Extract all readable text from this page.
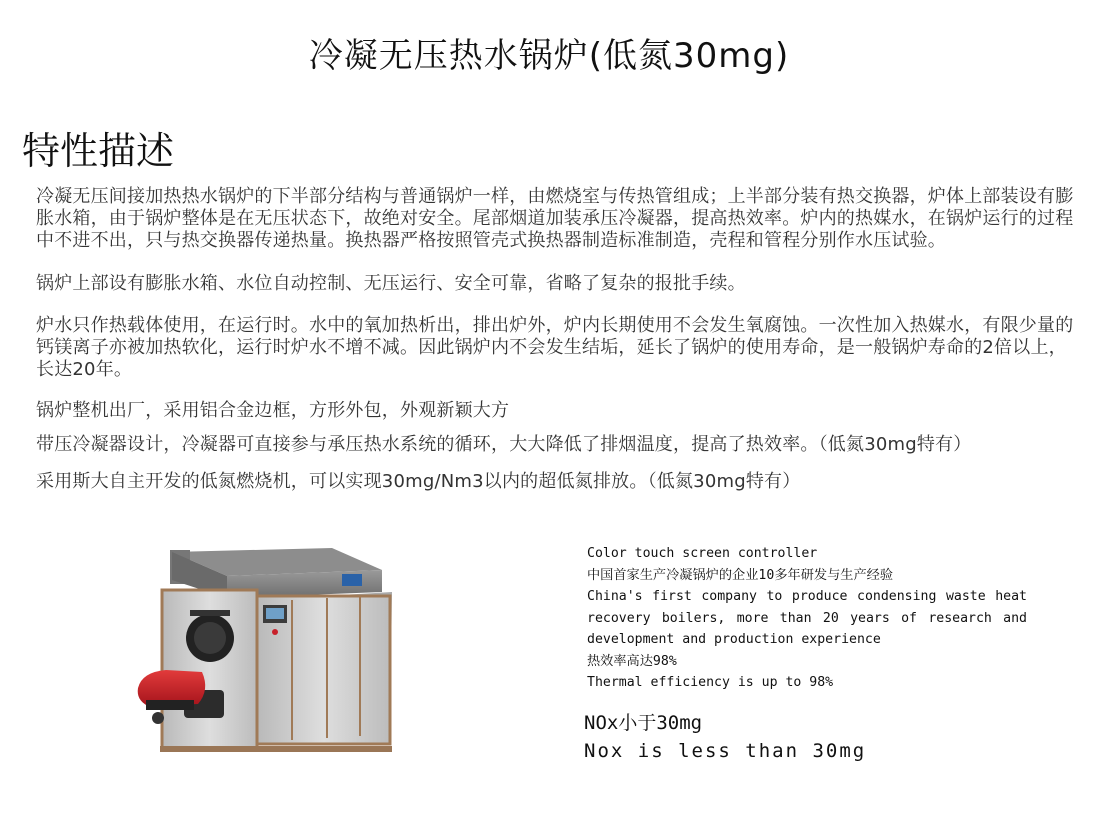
冷凝无压热水锅炉(低氮30mg)
特性描述
冷凝无压间接加热热水锅炉的下半部分结构与普通锅炉一样，由燃烧室与传热管组成；上半部分装有热交换器，炉体上部装设有膨胀水箱，由于锅炉整体是在无压状态下，故绝对安全。尾部烟道加装承压冷凝器，提高热效率。炉内的热媒水，在锅炉运行的过程中不进不出，只与热交换器传递热量。换热器严格按照管壳式换热器制造标准制造，壳程和管程分别作水压试验。
锅炉上部设有膨胀水箱、水位自动控制、无压运行、安全可靠，省略了复杂的报批手续。
炉水只作热载体使用，在运行时。水中的氧加热析出，排出炉外，炉内长期使用不会发生氧腐蚀。一次性加入热媒水，有限少量的钙镁离子亦被加热软化，运行时炉水不增不减。因此锅炉内不会发生结垢，延长了锅炉的使用寿命，是一般锅炉寿命的2倍以上，长达20年。
锅炉整机出厂，采用铝合金边框，方形外包，外观新颖大方
带压冷凝器设计，冷凝器可直接参与承压热水系统的循环，大大降低了排烟温度，提高了热效率。（低氮30mg特有）
采用斯大自主开发的低氮燃烧机，可以实现30mg/Nm3以内的超低氮排放。（低氮30mg特有）
Color touch screen controller
中国首家生产冷凝锅炉的企业10多年研发与生产经验
China's first company to produce condensing waste heat recovery boilers, more than 20 years of research and development and production experience
热效率高达98%
Thermal efficiency is up to 98%
NOx小于30mg
Nox is less than 30mg
